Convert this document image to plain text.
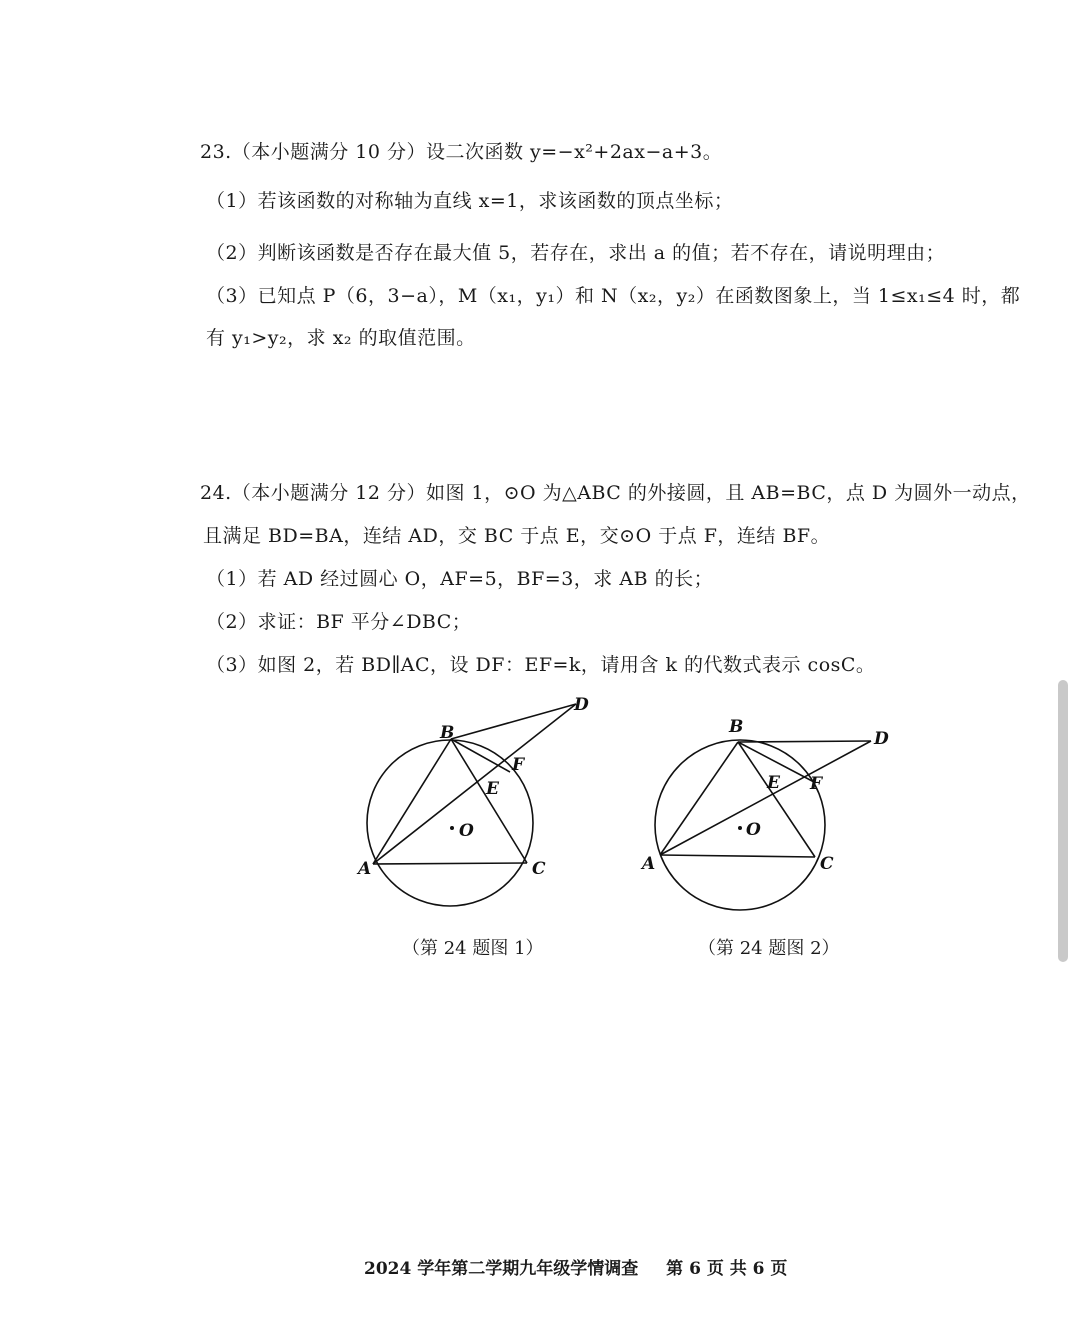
23.（本小题满分 10 分）设二次函数 y=−x²+2ax−a+3。
（1）若该函数的对称轴为直线 x=1，求该函数的顶点坐标；
（2）判断该函数是否存在最大值 5，若存在，求出 a 的值；若不存在，请说明理由；
（3）已知点 P（6，3−a），M（x₁，y₁）和 N（x₂，y₂）在函数图象上，当 1≤x₁≤4 时，都
有 y₁>y₂，求 x₂ 的取值范围。
24.（本小题满分 12 分）如图 1，⊙O 为△ABC 的外接圆，且 AB=BC，点 D 为圆外一动点，
且满足 BD=BA，连结 AD，交 BC 于点 E，交⊙O 于点 F，连结 BF。
（1）若 AD 经过圆心 O，AF=5，BF=3，求 AB 的长；
（2）求证：BF 平分∠DBC；
（3）如图 2，若 BD∥AC，设 DF：EF=k，请用含 k 的代数式表示 cosC。
B
D
F
E
O
A	C
（第 24 题图 1）
B
D
E F
O
A	C
（第 24 题图 2）
2024 学年第二学期九年级学情调查 第 6 页 共 6 页
